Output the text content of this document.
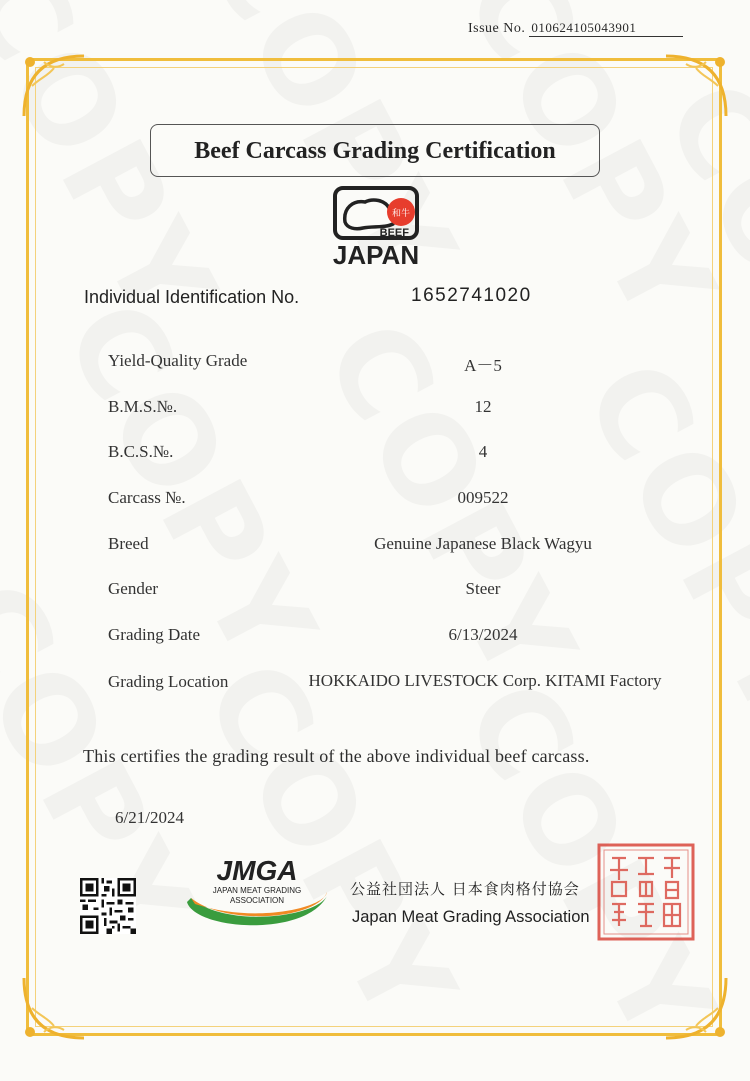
Issue No. 010624105043901
Beef Carcass Grading Certification
和牛
BEEF
JAPAN
Individual Identification No.	1652741020
Yield-Quality Grade	A－5
B.M.S.№.	12
B.C.S.№.	4
Carcass №.	009522
Breed	Genuine Japanese Black Wagyu
Gender	Steer
Grading Date	6/13/2024
Grading Location	HOKKAIDO LIVESTOCK Corp. KITAMI Factory
This certifies the grading result of the above individual beef carcass.
6/21/2024
JMGA
JAPAN MEAT GRADING
ASSOCIATION
公益社団法人 日本食肉格付協会
Japan Meat Grading Association
